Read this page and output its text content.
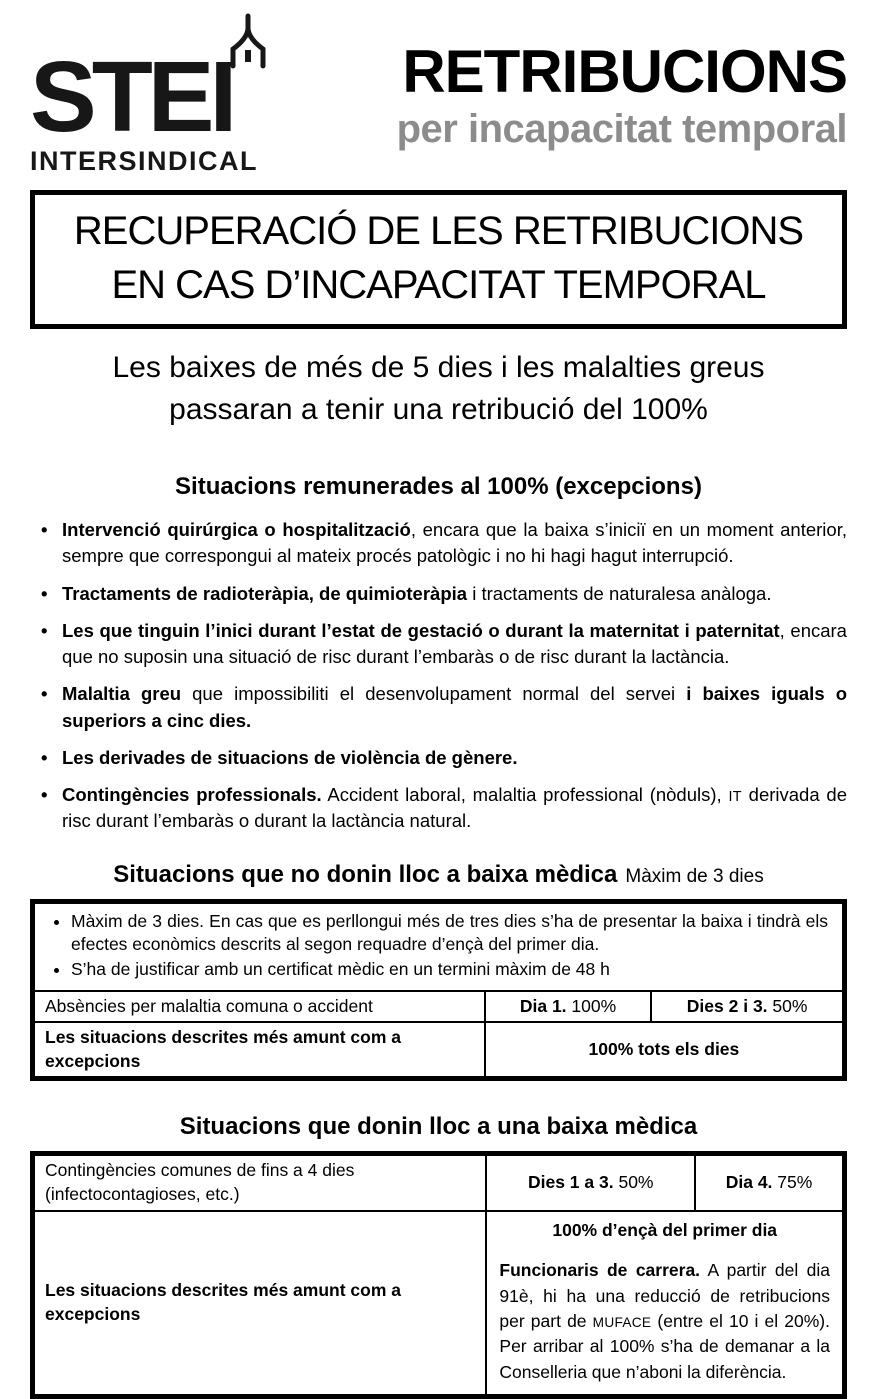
STEI
INTERSINDICAL
RETRIBUCIONS
per incapacitat temporal
RECUPERACIÓ DE LES RETRIBUCIONS
EN CAS D’INCAPACITAT TEMPORAL
Les baixes de més de 5 dies i les malalties greus
passaran a tenir una retribució del 100%
Situacions remunerades al 100% (excepcions)
• Intervenció quirúrgica o hospitalització, encara que la baixa s’iniciï en un moment anterior, sempre que correspongui al mateix procés patològic i no hi hagi hagut interrupció.
• Tractaments de radioteràpia, de quimioteràpia i tractaments de naturalesa anàloga.
• Les que tinguin l’inici durant l’estat de gestació o durant la maternitat i paternitat, encara que no suposin una situació de risc durant l’embaràs o de risc durant la lactància.
• Malaltia greu que impossibiliti el desenvolupament normal del servei i baixes iguals o superiors a cinc dies.
• Les derivades de situacions de violència de gènere.
• Contingències professionals. Accident laboral, malaltia professional (nòduls), IT derivada de risc durant l’embaràs o durant la lactància natural.
Situacions que no donin lloc a baixa mèdica Màxim de 3 dies
• Màxim de 3 dies. En cas que es perllongui més de tres dies s’ha de presentar la baixa i tindrà els efectes econòmics descrits al segon requadre d’ençà del primer dia.
• S’ha de justificar amb un certificat mèdic en un termini màxim de 48 h

Absències per malaltia comuna o accident	Dia 1. 100%	Dies 2 i 3. 50%
Les situacions descrites més amunt com a excepcions	100% tots els dies	
Situacions que donin lloc a una baixa mèdica
Contingències comunes de fins a 4 dies (infectocontagioses, etc.)	Dies 1 a 3. 50%	Dia 4. 75%
Les situacions descrites més amunt com a excepcions	100% d’ençà del primer dia
Funcionaris de carrera. A partir del dia 91è, hi ha una reducció de retribucions per part de MUFACE (entre el 10 i el 20%). Per arribar al 100% s’ha de demanar a la Conselleria que n’aboni la diferència.	
